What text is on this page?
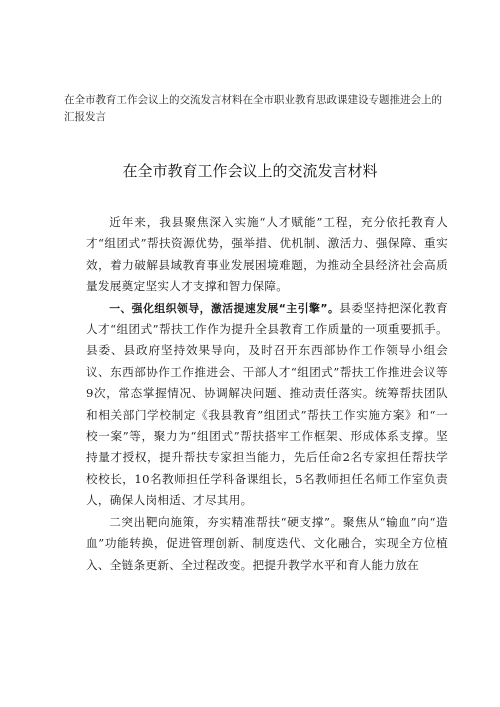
在全市教育工作会议上的交流发言材料在全市职业教育思政课建设专题推进会上的汇报发言
在全市教育工作会议上的交流发言材料

近年来，我县聚焦深入实施“人才赋能”工程，充分依托教育人才“组团式”帮扶资源优势，强举措、优机制、激活力、强保障、重实效，着力破解县域教育事业发展困境难题，为推动全县经济社会高质量发展奠定坚实人才支撑和智力保障。

一、强化组织领导，激活提速发展“主引擎”。县委坚持把深化教育人才“组团式”帮扶工作作为提升全县教育工作质量的一项重要抓手。县委、县政府坚持效果导向，及时召开东西部协作工作领导小组会议、东西部协作工作推进会、干部人才“组团式”帮扶工作推进会议等9次，常态掌握情况、协调解决问题、推动责任落实。统筹帮扶团队和相关部门学校制定《我县教育”组团式”帮扶工作实施方案》和“一校一案”等，聚力为“组团式”帮扶搭牢工作框架、形成体系支撑。坚持量才授权，提升帮扶专家担当能力，先后任命2名专家担任帮扶学校校长，10名教师担任学科备课组长，5名教师担任名师工作室负责人，确保人岗相适、才尽其用。

二突出靶向施策，夯实精准帮扶“硬支撑”。聚焦从“输血”向“造血”功能转换，促进管理创新、制度迭代、文化融合，实现全方位植入、全链条更新、全过程改变。把提升教学水平和育人能力放在
